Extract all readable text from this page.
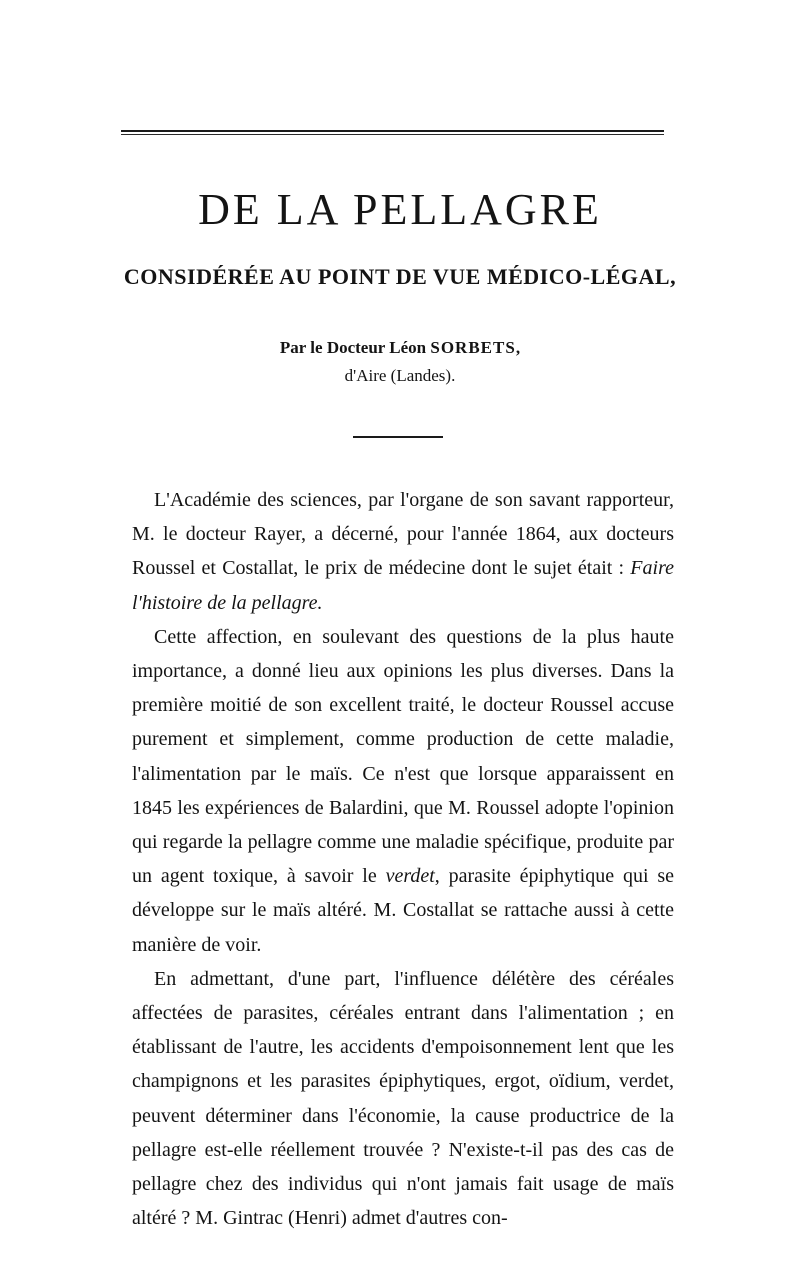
DE LA PELLAGRE
CONSIDÉRÉE AU POINT DE VUE MÉDICO-LÉGAL,
Par le Docteur Léon SORBETS,
d'Aire (Landes).

L'Académie des sciences, par l'organe de son savant rapporteur, M. le docteur Rayer, a décerné, pour l'année 1864, aux docteurs Roussel et Costallat, le prix de médecine dont le sujet était : Faire l'histoire de la pellagre.

Cette affection, en soulevant des questions de la plus haute importance, a donné lieu aux opinions les plus diverses. Dans la première moitié de son excellent traité, le docteur Roussel accuse purement et simplement, comme production de cette maladie, l'alimentation par le maïs. Ce n'est que lorsque apparaissent en 1845 les expériences de Balardini, que M. Roussel adopte l'opinion qui regarde la pellagre comme une maladie spécifique, produite par un agent toxique, à savoir le verdet, parasite épiphytique qui se développe sur le maïs altéré. M. Costallat se rattache aussi à cette manière de voir.

En admettant, d'une part, l'influence délétère des céréales affectées de parasites, céréales entrant dans l'alimentation ; en établissant de l'autre, les accidents d'empoisonnement lent que les champignons et les parasites épiphytiques, ergot, oïdium, verdet, peuvent déterminer dans l'économie, la cause productrice de la pellagre est-elle réellement trouvée ? N'existe-t-il pas des cas de pellagre chez des individus qui n'ont jamais fait usage de maïs altéré ? M. Gintrac (Henri) admet d'autres con-
